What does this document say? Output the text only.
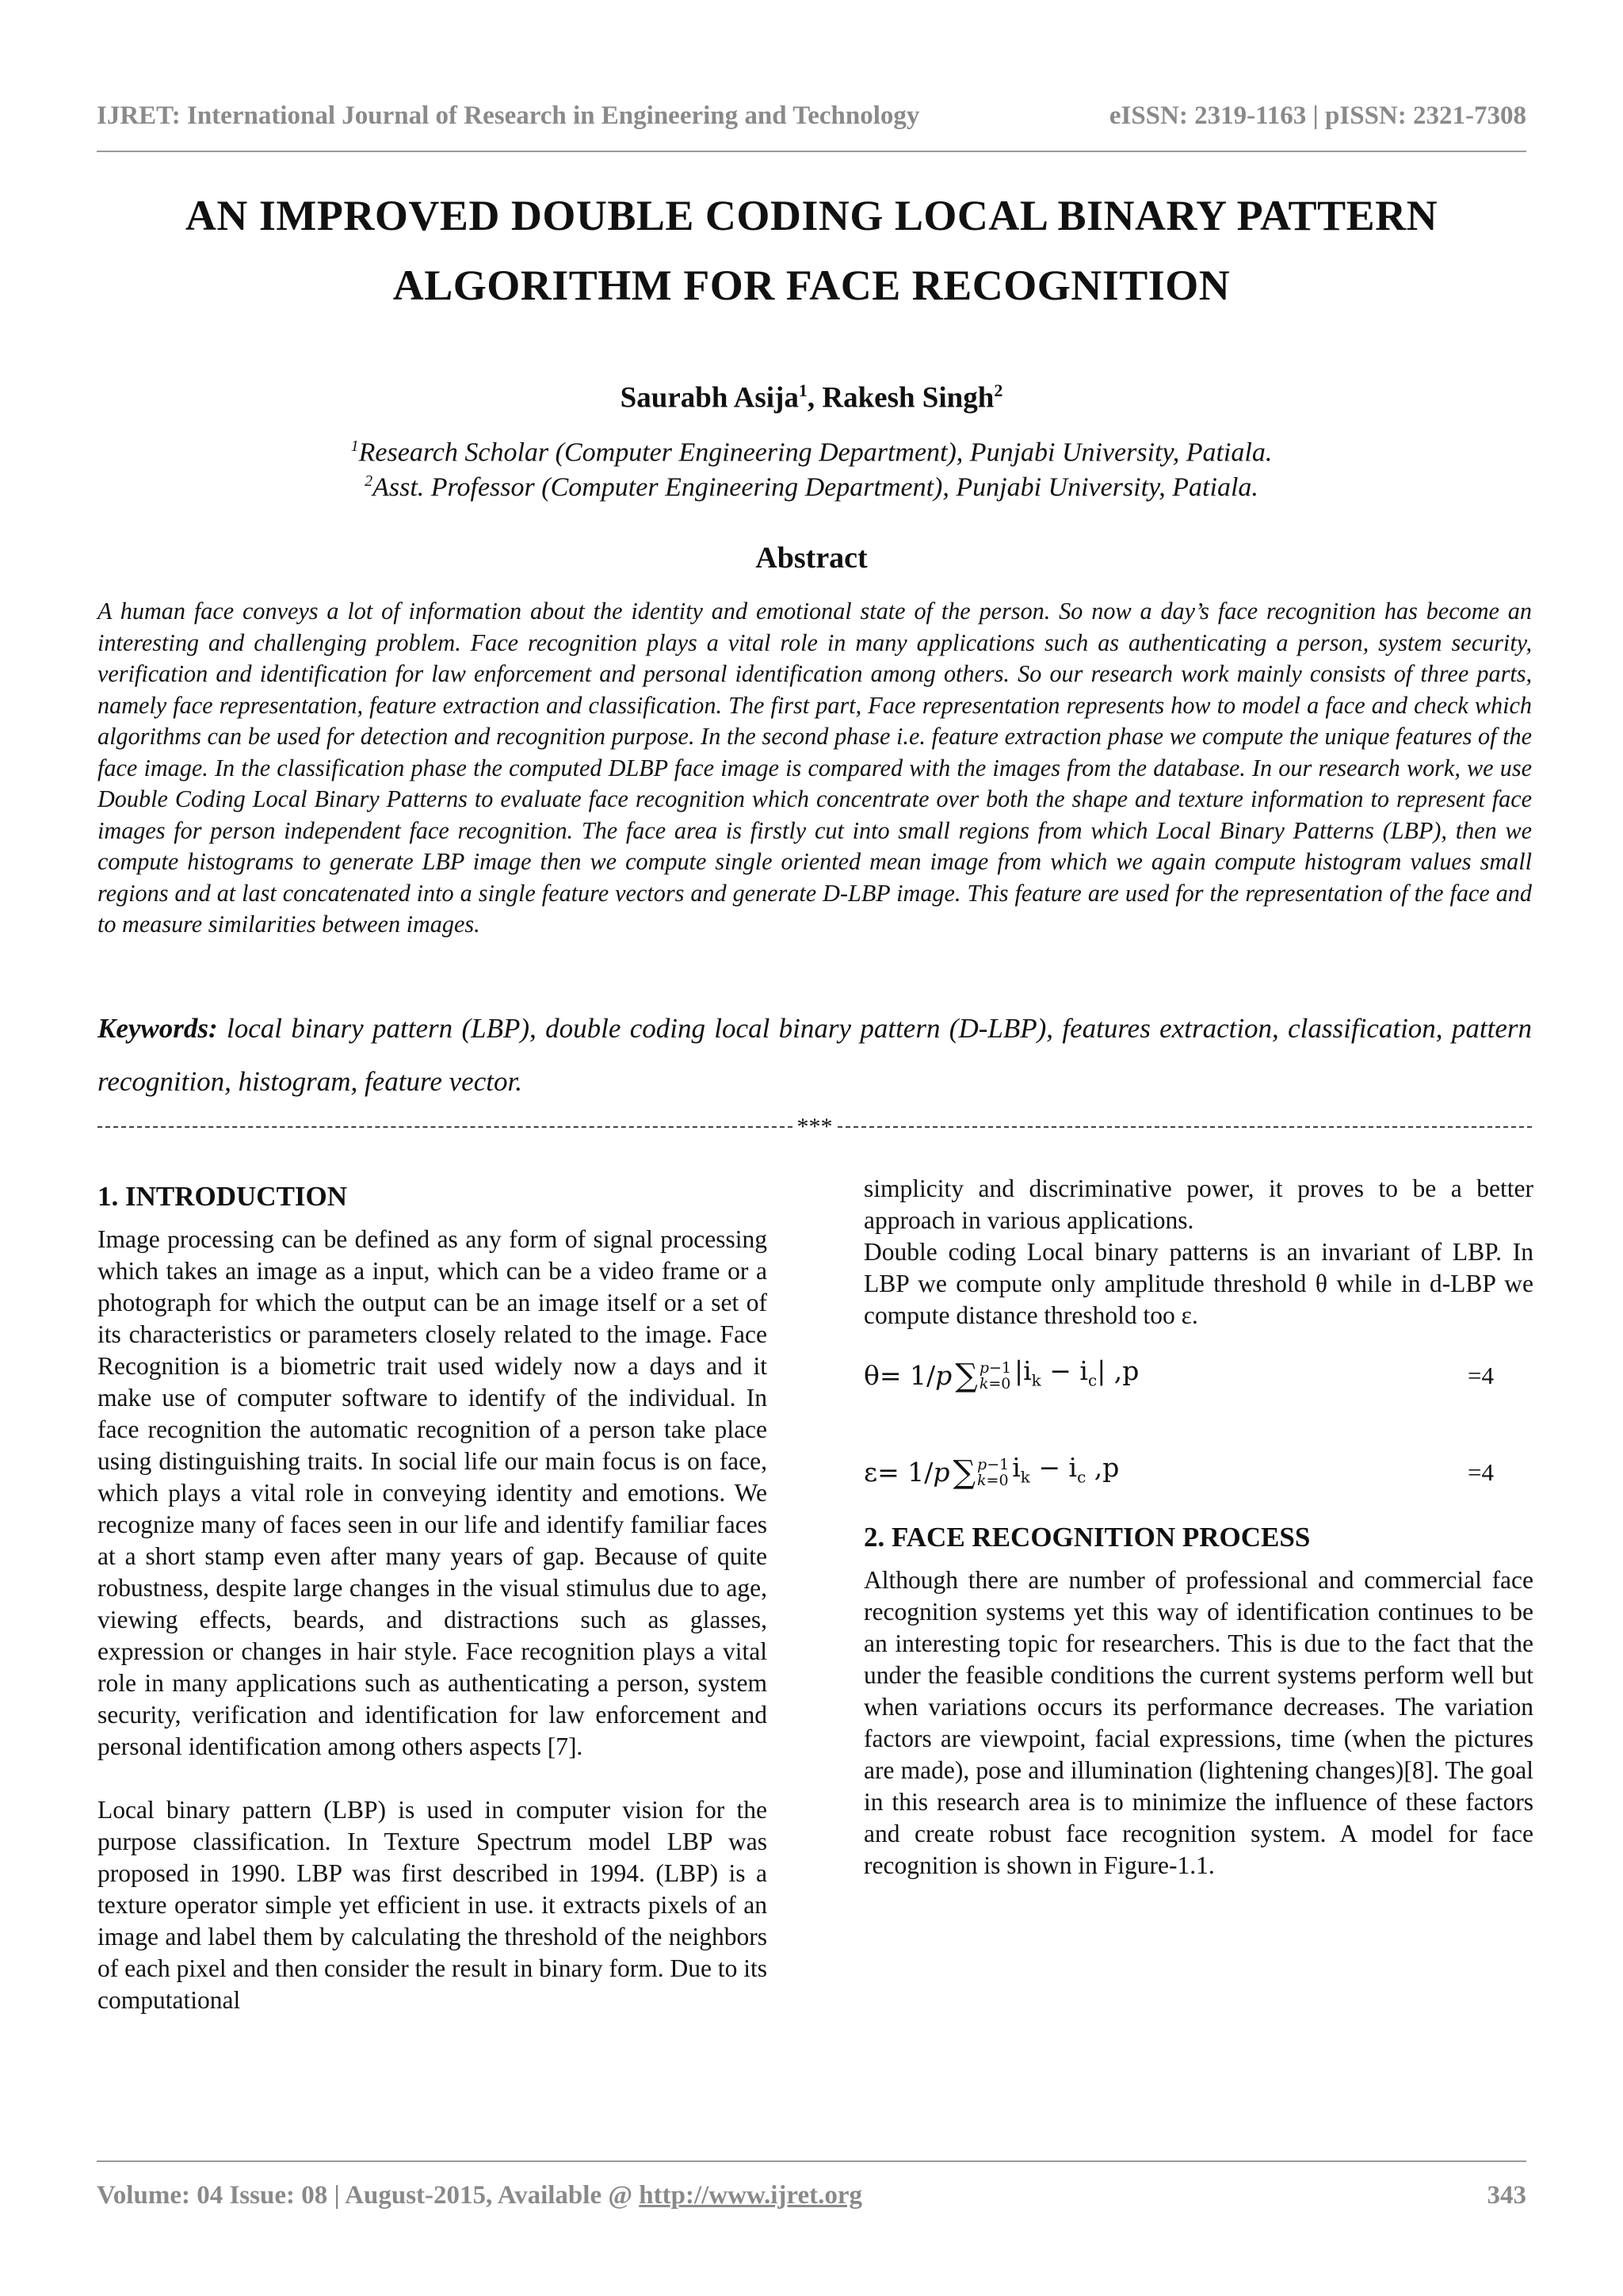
IJRET: International Journal of Research in Engineering and Technology	eISSN: 2319-1163 | pISSN: 2321-7308
AN IMPROVED DOUBLE CODING LOCAL BINARY PATTERN
ALGORITHM FOR FACE RECOGNITION
Saurabh Asija$^1$, Rakesh Singh$^2$
$^1$Research Scholar (Computer Engineering Department), Punjabi University, Patiala.
$^2$Asst. Professor (Computer Engineering Department), Punjabi University, Patiala.
Abstract
A human face conveys a lot of information about the identity and emotional state of the person. So now a day’s face recognition has become an interesting and challenging problem. Face recognition plays a vital role in many applications such as authenticating a person, system security, verification and identification for law enforcement and personal identification among others. So our research work mainly consists of three parts, namely face representation, feature extraction and classification. The first part, Face representation represents how to model a face and check which algorithms can be used for detection and recognition purpose. In the second phase i.e. feature extraction phase we compute the unique features of the face image. In the classification phase the computed DLBP face image is compared with the images from the database. In our research work, we use Double Coding Local Binary Patterns to evaluate face recognition which concentrate over both the shape and texture information to represent face images for person independent face recognition. The face area is firstly cut into small regions from which Local Binary Patterns (LBP), then we compute histograms to generate LBP image then we compute single oriented mean image from which we again compute histogram values small regions and at last concatenated into a single feature vectors and generate D-LBP image. This feature are used for the representation of the face and to measure similarities between images.
Keywords: local binary pattern (LBP), double coding local binary pattern (D-LBP), features extraction, classification, pattern recognition, histogram, feature vector.
***
1. INTRODUCTION

Image processing can be defined as any form of signal processing which takes an image as a input, which can be a video frame or a photograph for which the output can be an image itself or a set of its characteristics or parameters closely related to the image. Face Recognition is a biometric trait used widely now a days and it make use of computer software to identify of the individual. In face recognition the automatic recognition of a person take place using distinguishing traits. In social life our main focus is on face, which plays a vital role in conveying identity and emotions. We recognize many of faces seen in our life and identify familiar faces at a short stamp even after many years of gap. Because of quite robustness, despite large changes in the visual stimulus due to age, viewing effects, beards, and distractions such as glasses, expression or changes in hair style. Face recognition plays a vital role in many applications such as authenticating a person, system security, verification and identification for law enforcement and personal identification among others aspects [7].

Local binary pattern (LBP) is used in computer vision for the purpose classification. In Texture Spectrum model LBP was proposed in 1990. LBP was first described in 1994. (LBP) is a texture operator simple yet efficient in use. it extracts pixels of an image and label them by calculating the threshold of the neighbors of each pixel and then consider the result in binary form. Due to its computational

simplicity and discriminative power, it proves to be a better approach in various applications.

Double coding Local binary patterns is an invariant of LBP. In LBP we compute only amplitude threshold θ while in d-LBP we compute distance threshold too ɛ.

θ= 1/𝑝 ∑ 𝑝−1
𝑘=0 $|i_k - i_c|$ ,p	=4
ɛ= 1/𝑝 ∑ 𝑝−1
𝑘=0 $i_k - i_c$ ,p	=4
2. FACE RECOGNITION PROCESS

Although there are number of professional and commercial face recognition systems yet this way of identification continues to be an interesting topic for researchers. This is due to the fact that the under the feasible conditions the current systems perform well but when variations occurs its performance decreases. The variation factors are viewpoint, facial expressions, time (when the pictures are made), pose and illumination (lightening changes)[8]. The goal in this research area is to minimize the influence of these factors and create robust face recognition system. A model for face recognition is shown in Figure-1.1.

Volume: 04 Issue: 08 | August-2015, Available @ http://www.ijret.org	343
